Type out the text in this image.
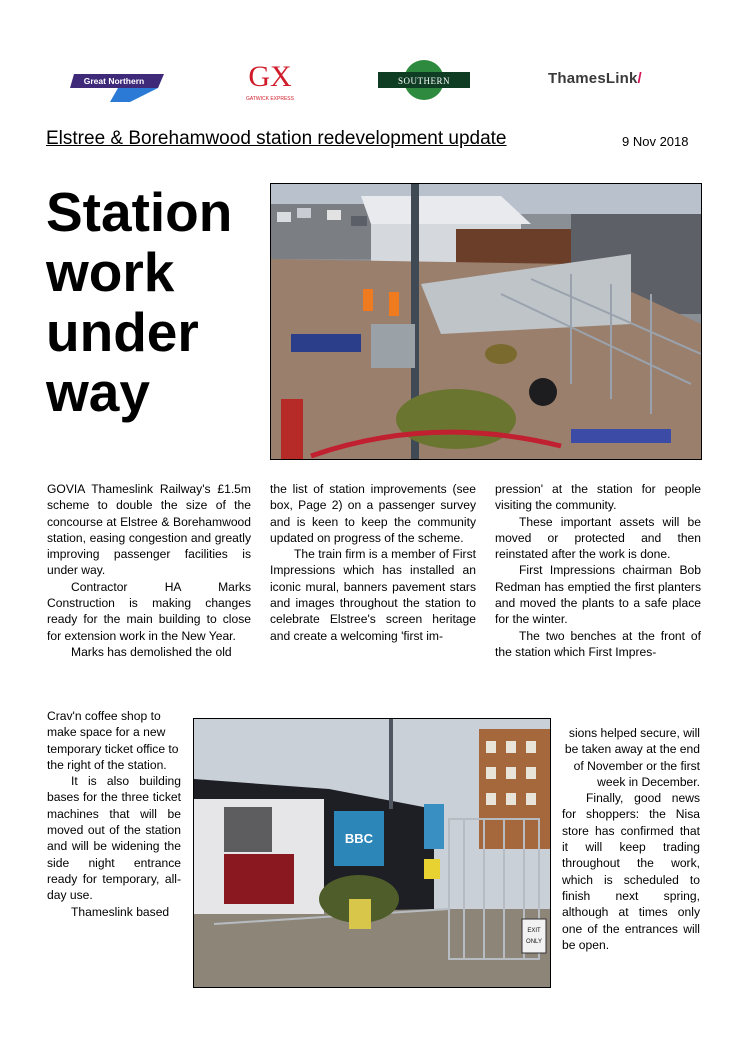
Great Northern	GX
GATWICK EXPRESS
SOUTHERN	ThamesLink/
Elstree & Borehamwood station redevelopment update	9 Nov 2018
Station
work
under
way

GOVIA Thameslink Railway's £1.5m scheme to double the size of the concourse at Elstree & Borehamwood station, easing congestion and greatly improving passenger facilities is under way.

Contractor HA Marks Construction is making changes ready for the main building to close for extension work in the New Year.

Marks has demolished the old

Crav'n coffee shop to make space for a new temporary ticket office to the right of the station.

It is also building bases for the three ticket machines that will be moved out of the station and will be widening the side night entrance ready for temporary, all-day use.

Thameslink based

the list of station improvements (see box, Page 2) on a passenger survey and is keen to keep the community updated on progress of the scheme.

The train firm is a member of First Impressions which has installed an iconic mural, banners pavement stars and images throughout the station to celebrate Elstree's screen heritage and create a welcoming 'first im-

pression' at the station for people visiting the community.

These important assets will be moved or protected and then reinstated after the work is done.

First Impressions chairman Bob Redman has emptied the first planters and moved the plants to a safe place for the winter.

The two benches at the front of the station which First Impres-

sions helped secure, will be taken away at the end of November or the first week in December.

Finally, good news for shoppers: the Nisa store has confirmed that it will keep trading throughout the work, which is scheduled to finish next spring, although at times only one of the entrances will be open.

BBC
EXIT
ONLY
